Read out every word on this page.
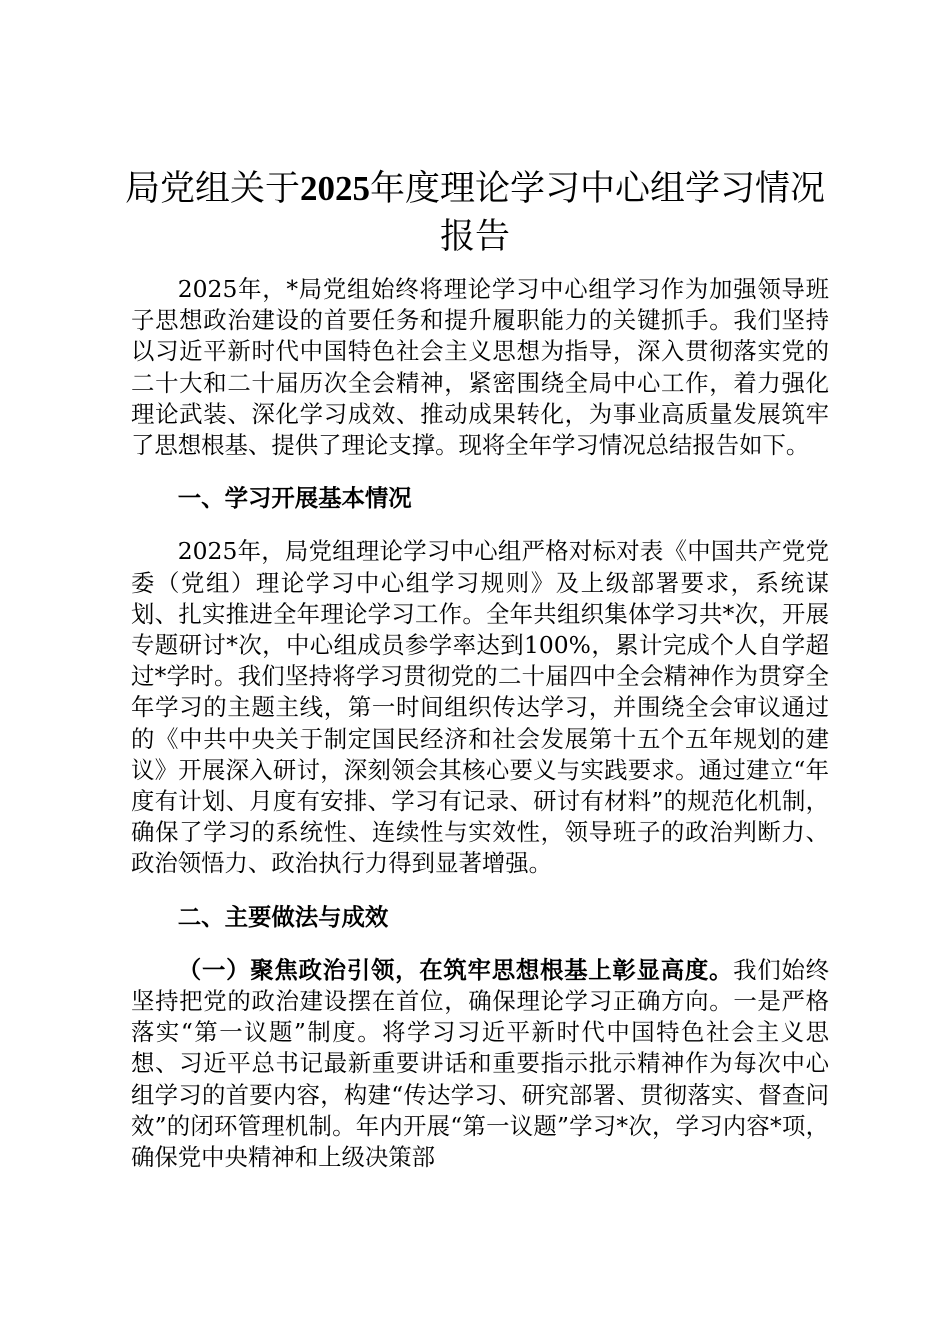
局党组关于2025年度理论学习中心组学习情况报告

2025年，*局党组始终将理论学习中心组学习作为加强领导班子思想政治建设的首要任务和提升履职能力的关键抓手。我们坚持以习近平新时代中国特色社会主义思想为指导，深入贯彻落实党的二十大和二十届历次全会精神，紧密围绕全局中心工作，着力强化理论武装、深化学习成效、推动成果转化，为事业高质量发展筑牢了思想根基、提供了理论支撑。现将全年学习情况总结报告如下。

一、学习开展基本情况

2025年，局党组理论学习中心组严格对标对表《中国共产党党委（党组）理论学习中心组学习规则》及上级部署要求，系统谋划、扎实推进全年理论学习工作。全年共组织集体学习共*次，开展专题研讨*次，中心组成员参学率达到100%，累计完成个人自学超过*学时。我们坚持将学习贯彻党的二十届四中全会精神作为贯穿全年学习的主题主线，第一时间组织传达学习，并围绕全会审议通过的《中共中央关于制定国民经济和社会发展第十五个五年规划的建议》开展深入研讨，深刻领会其核心要义与实践要求。通过建立“年度有计划、月度有安排、学习有记录、研讨有材料”的规范化机制，确保了学习的系统性、连续性与实效性，领导班子的政治判断力、政治领悟力、政治执行力得到显著增强。

二、主要做法与成效

（一）聚焦政治引领，在筑牢思想根基上彰显高度。我们始终坚持把党的政治建设摆在首位，确保理论学习正确方向。一是严格落实“第一议题”制度。将学习习近平新时代中国特色社会主义思想、习近平总书记最新重要讲话和重要指示批示精神作为每次中心组学习的首要内容，构建“传达学习、研究部署、贯彻落实、督查问效”的闭环管理机制。年内开展“第一议题”学习*次，学习内容*项，确保党中央精神和上级决策部
